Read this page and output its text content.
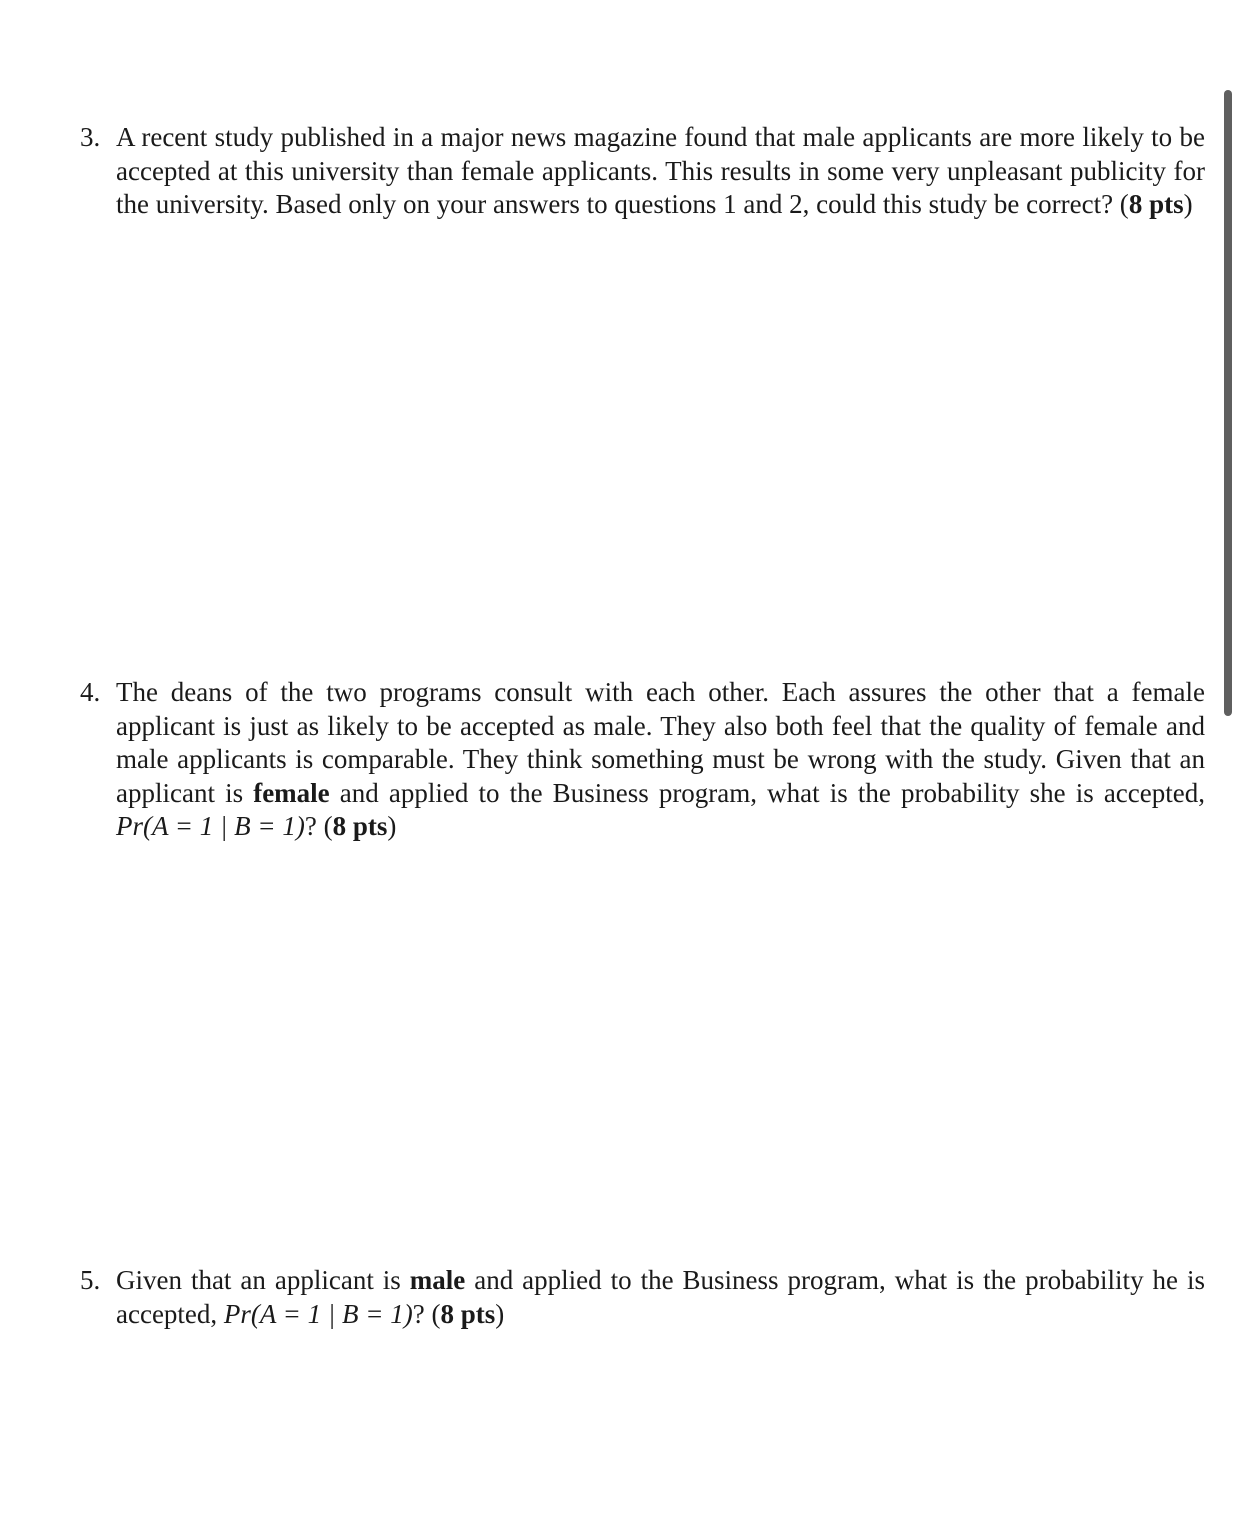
3. A recent study published in a major news magazine found that male applicants are more likely to be accepted at this university than female applicants. This results in some very unpleasant publicity for the university. Based only on your answers to questions 1 and 2, could this study be correct? (8 pts)
4. The deans of the two programs consult with each other. Each assures the other that a female applicant is just as likely to be accepted as male. They also both feel that the quality of female and male applicants is comparable. They think something must be wrong with the study. Given that an applicant is female and applied to the Business program, what is the probability she is accepted, Pr(A = 1 | B = 1)? (8 pts)
5. Given that an applicant is male and applied to the Business program, what is the probability he is accepted, Pr(A = 1 | B = 1)? (8 pts)
